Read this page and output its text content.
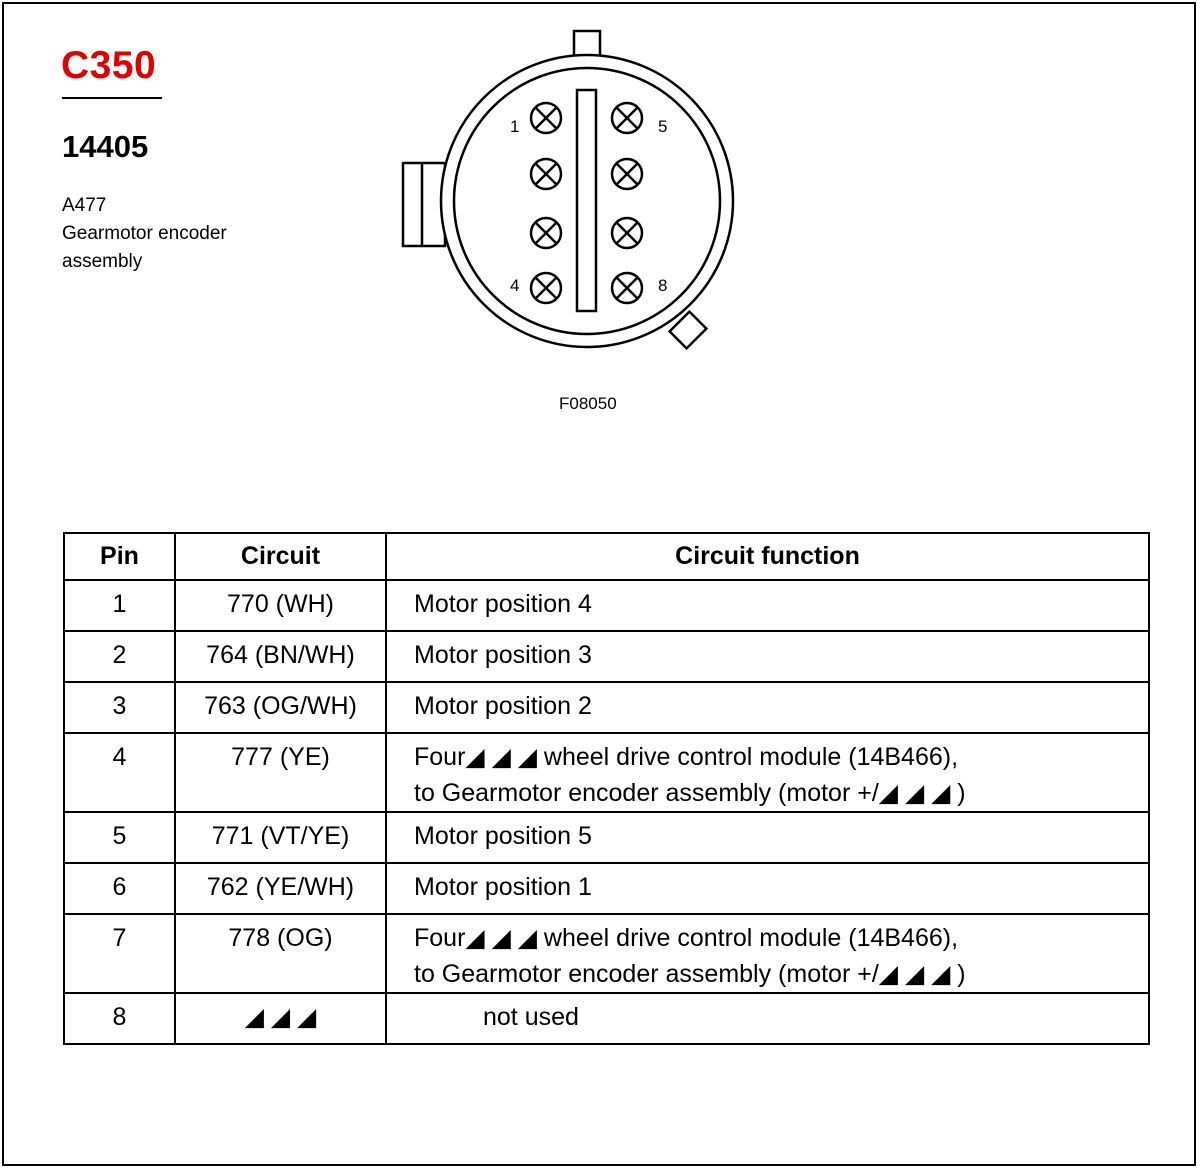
C350
14405
A477
Gearmotor encoder assembly
1
4
5
8
F08050
Pin	Circuit	Circuit function
1	770 (WH)	Motor position 4

2	764 (BN/WH)	Motor position 3

3	763 (OG/WH)	Motor position 2

4	777 (YE)	Four◢ ◢ ◢ wheel drive control module (14B466),
to Gearmotor encoder assembly (motor +/◢ ◢ ◢ )

5	771 (VT/YE)	Motor position 5

6	762 (YE/WH)	Motor position 1

7	778 (OG)	Four◢ ◢ ◢ wheel drive control module (14B466),
to Gearmotor encoder assembly (motor +/◢ ◢ ◢ )

8	◢ ◢ ◢	not used
